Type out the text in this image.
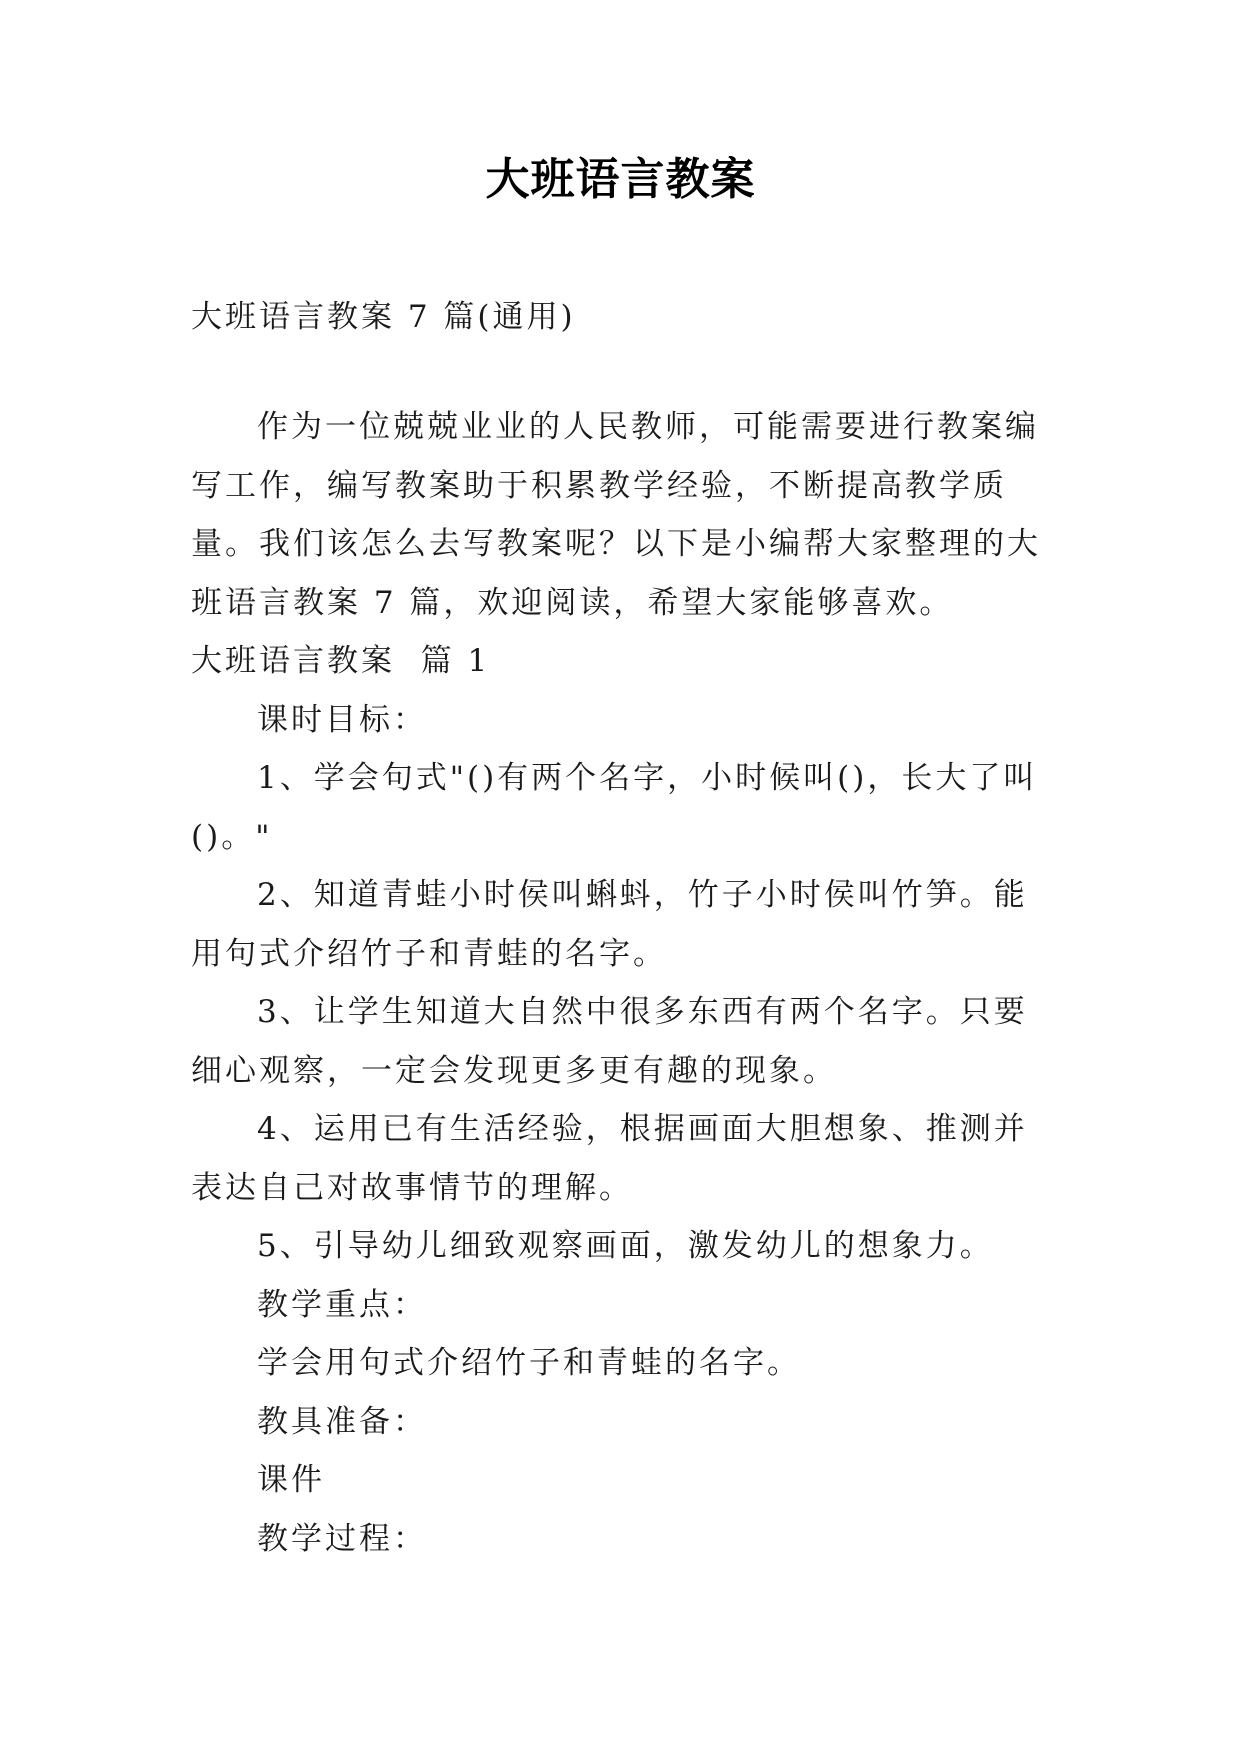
大班语言教案
大班语言教案 7 篇(通用)

作为一位兢兢业业的人民教师，可能需要进行教案编写工作，编写教案助于积累教学经验，不断提高教学质量。我们该怎么去写教案呢？以下是小编帮大家整理的大班语言教案 7 篇，欢迎阅读，希望大家能够喜欢。

大班语言教案  篇 1

课时目标：

1、学会句式"()有两个名字，小时候叫()，长大了叫()。"

2、知道青蛙小时侯叫蝌蚪，竹子小时侯叫竹笋。能用句式介绍竹子和青蛙的名字。

3、让学生知道大自然中很多东西有两个名字。只要细心观察，一定会发现更多更有趣的现象。

4、运用已有生活经验，根据画面大胆想象、推测并表达自己对故事情节的理解。

5、引导幼儿细致观察画面，激发幼儿的想象力。

教学重点：

学会用句式介绍竹子和青蛙的名字。

教具准备：

课件

教学过程：
